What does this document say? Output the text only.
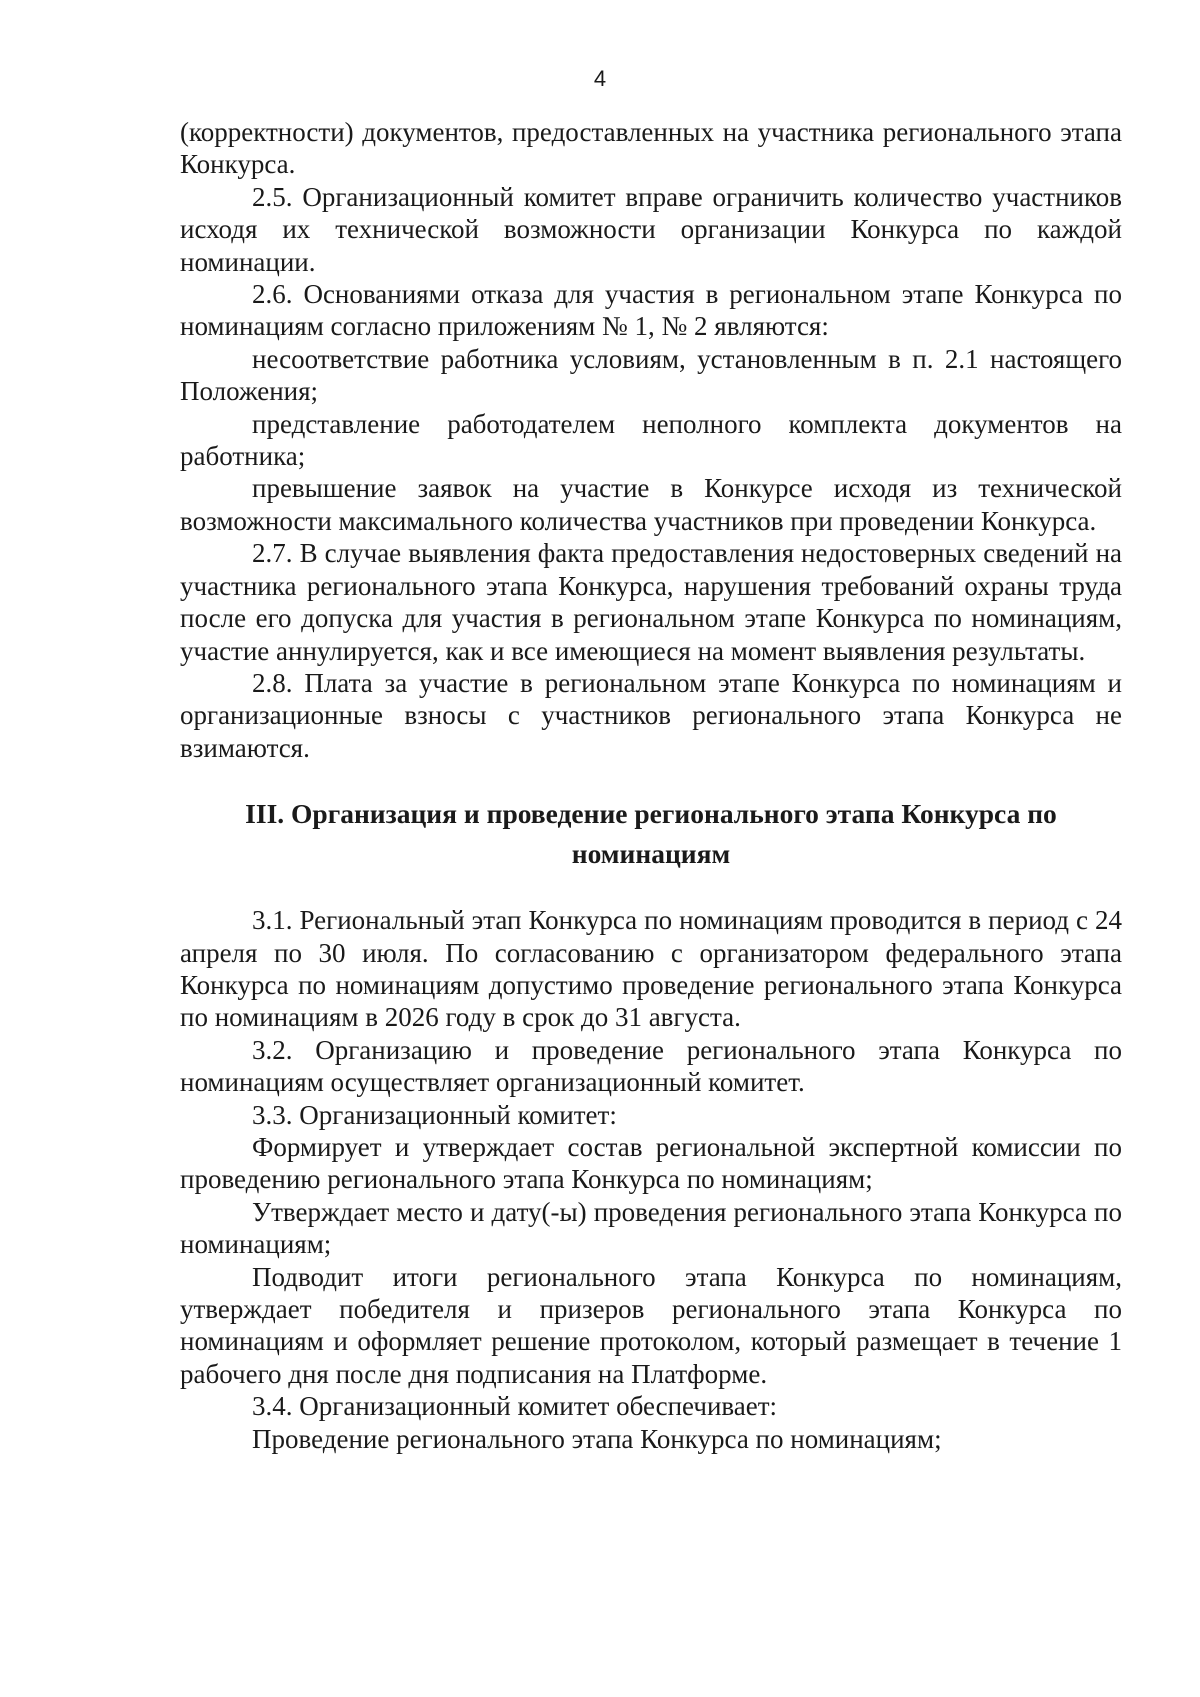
4

(корректности) документов, предоставленных на участника регионального этапа Конкурса.

2.5. Организационный комитет вправе ограничить количество участников исходя их технической возможности организации Конкурса по каждой номинации.

2.6. Основаниями отказа для участия в региональном этапе Конкурса по номинациям согласно приложениям № 1, № 2 являются:

несоответствие работника условиям, установленным в п. 2.1 настоящего Положения;

представление работодателем неполного комплекта документов на работника;

превышение заявок на участие в Конкурсе исходя из технической возможности максимального количества участников при проведении Конкурса.

2.7. В случае выявления факта предоставления недостоверных сведений на участника регионального этапа Конкурса, нарушения требований охраны труда после его допуска для участия в региональном этапе Конкурса по номинациям, участие аннулируется, как и все имеющиеся на момент выявления результаты.

2.8. Плата за участие в региональном этапе Конкурса по номинациям и организационные взносы с участников регионального этапа Конкурса не взимаются.

III. Организация и проведение регионального этапа Конкурса по номинациям

3.1. Региональный этап Конкурса по номинациям проводится в период с 24 апреля по 30 июля. По согласованию с организатором федерального этапа Конкурса по номинациям допустимо проведение регионального этапа Конкурса по номинациям в 2026 году в срок до 31 августа.

3.2. Организацию и проведение регионального этапа Конкурса по номинациям осуществляет организационный комитет.

3.3. Организационный комитет:

Формирует и утверждает состав региональной экспертной комиссии по проведению регионального этапа Конкурса по номинациям;

Утверждает место и дату(-ы) проведения регионального этапа Конкурса по номинациям;

Подводит итоги регионального этапа Конкурса по номинациям, утверждает победителя и призеров регионального этапа Конкурса по номинациям и оформляет решение протоколом, который размещает в течение 1 рабочего дня после дня подписания на Платформе.

3.4. Организационный комитет обеспечивает:

Проведение регионального этапа Конкурса по номинациям;
